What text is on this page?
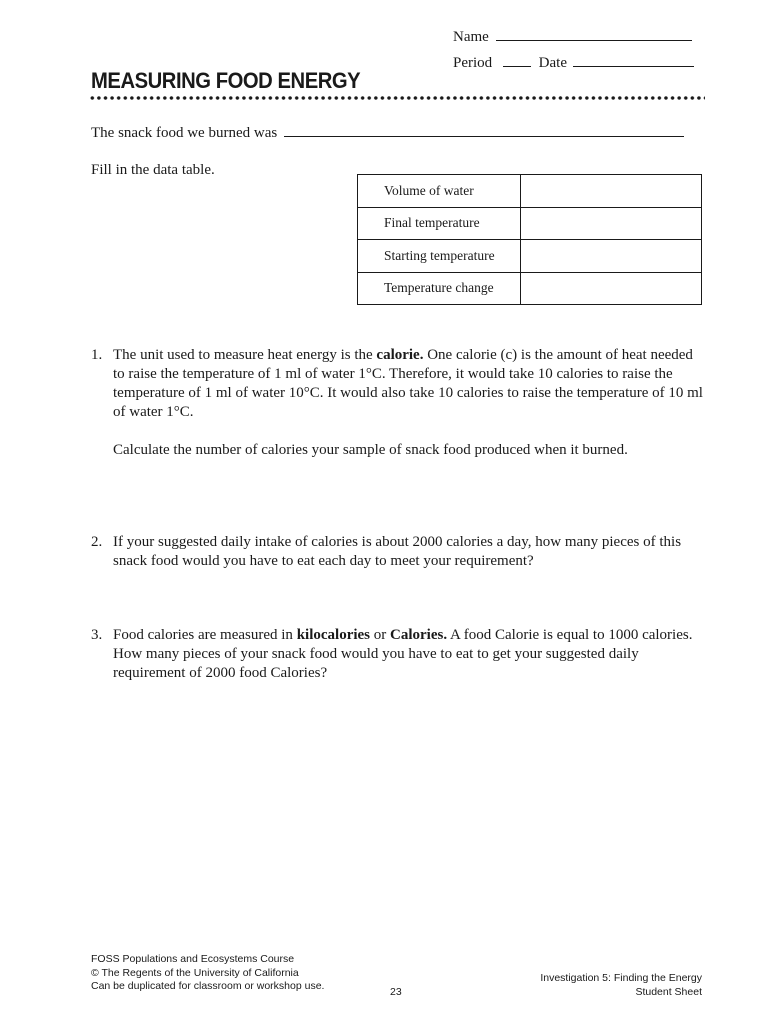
Name
Period	Date
MEASURING FOOD ENERGY
The snack food we burned was
Fill in the data table.
Volume of water	
Final temperature	
Starting temperature	
Temperature change	
1. The unit used to measure heat energy is the calorie. One calorie (c) is the amount of heat needed to raise the temperature of 1 ml of water 1°C. Therefore, it would take 10 calories to raise the temperature of 1 ml of water 10°C. It would also take 10 calories to raise the temperature of 10 ml of water 1°C.

Calculate the number of calories your sample of snack food produced when it burned.

2. If your suggested daily intake of calories is about 2000 calories a day, how many pieces of this snack food would you have to eat each day to meet your requirement?

3. Food calories are measured in kilocalories or Calories. A food Calorie is equal to 1000 calories. How many pieces of your snack food would you have to eat to get your suggested daily requirement of 2000 food Calories?

FOSS Populations and Ecosystems Course
© The Regents of the University of California
Can be duplicated for classroom or workshop use.	23
Investigation 5: Finding the Energy
Student Sheet
